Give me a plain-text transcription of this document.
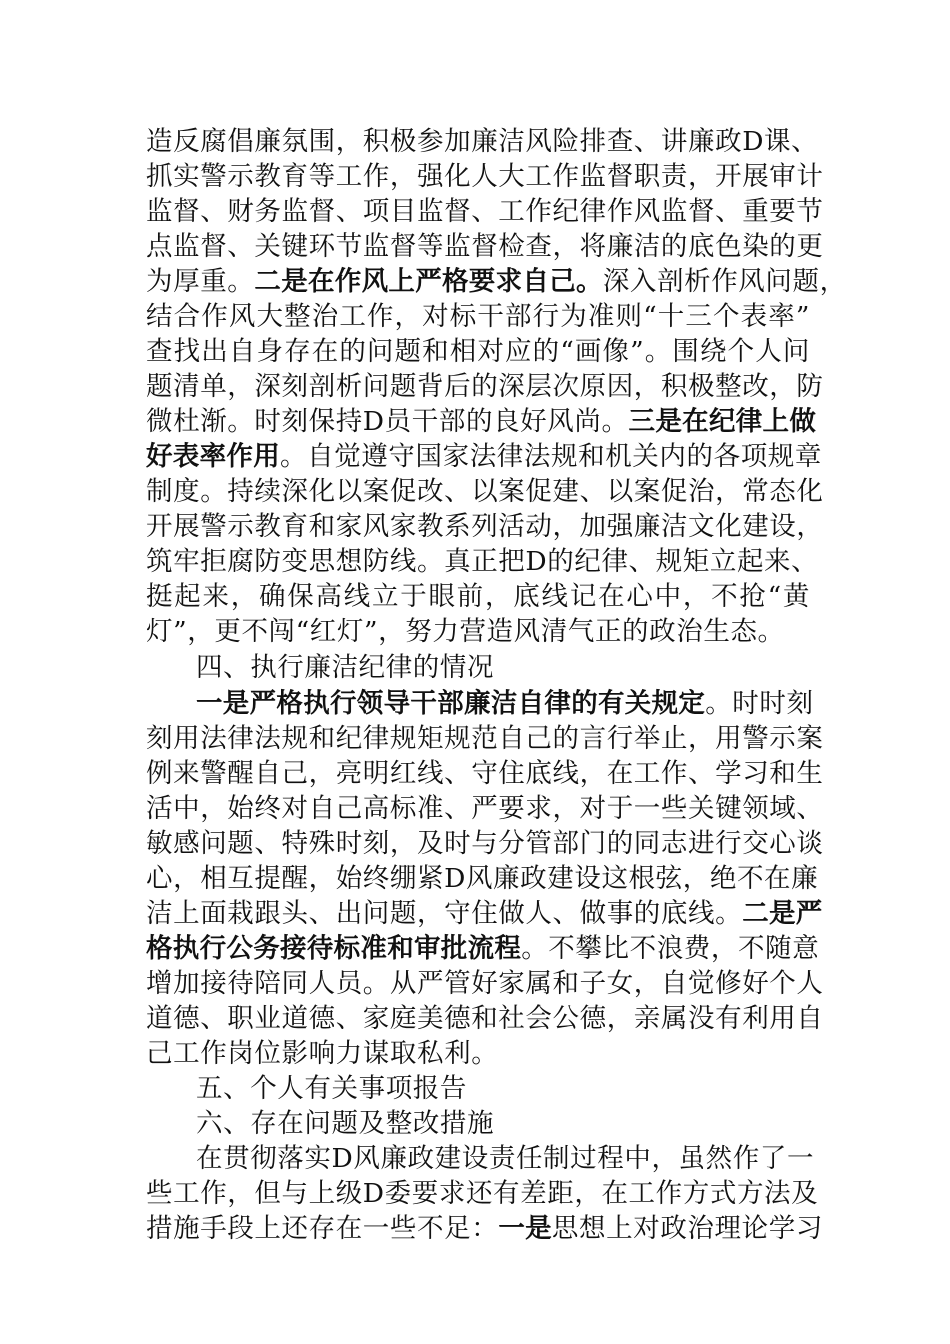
造反腐倡廉氛围，积极参加廉洁风险排查、讲廉政D课、
抓实警示教育等工作，强化人大工作监督职责，开展审计
监督、财务监督、项目监督、工作纪律作风监督、重要节
点监督、关键环节监督等监督检查，将廉洁的底色染的更
为厚重。二是在作风上严格要求自己。深入剖析作风问题，
结合作风大整治工作，对标干部行为准则“十三个表率”
查找出自身存在的问题和相对应的“画像”。围绕个人问
题清单，深刻剖析问题背后的深层次原因，积极整改，防
微杜渐。时刻保持D员干部的良好风尚。三是在纪律上做
好表率作用。自觉遵守国家法律法规和机关内的各项规章
制度。持续深化以案促改、以案促建、以案促治，常态化
开展警示教育和家风家教系列活动，加强廉洁文化建设，
筑牢拒腐防变思想防线。真正把D的纪律、规矩立起来、
挺起来，确保高线立于眼前，底线记在心中，不抢“黄
灯”，更不闯“红灯”，努力营造风清气正的政治生态。
四、执行廉洁纪律的情况
一是严格执行领导干部廉洁自律的有关规定。时时刻
刻用法律法规和纪律规矩规范自己的言行举止，用警示案
例来警醒自己，亮明红线、守住底线，在工作、学习和生
活中，始终对自己高标准、严要求，对于一些关键领域、
敏感问题、特殊时刻，及时与分管部门的同志进行交心谈
心，相互提醒，始终绷紧D风廉政建设这根弦，绝不在廉
洁上面栽跟头、出问题，守住做人、做事的底线。二是严
格执行公务接待标准和审批流程。不攀比不浪费，不随意
增加接待陪同人员。从严管好家属和子女，自觉修好个人
道德、职业道德、家庭美德和社会公德，亲属没有利用自
己工作岗位影响力谋取私利。
五、个人有关事项报告
六、存在问题及整改措施
在贯彻落实D风廉政建设责任制过程中，虽然作了一
些工作，但与上级D委要求还有差距，在工作方式方法及
措施手段上还存在一些不足：一是思想上对政治理论学习
